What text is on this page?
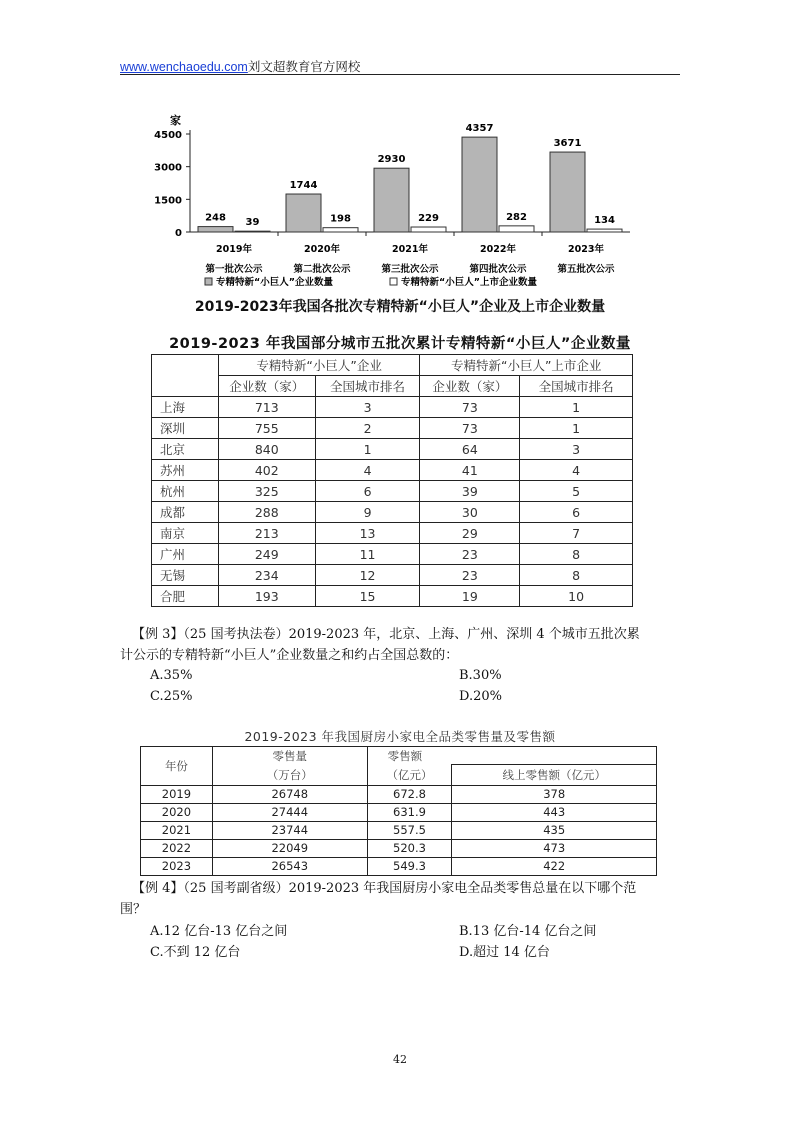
www.wenchaoedu.com刘文超教育官方网校
家
0
1500
3000
4500
248 39
2019年
第一批次公示
1744
198
2020年
第二批次公示
2930
229
2021年
第三批次公示
4357
282
2022年
第四批次公示
3671
134
2023年
第五批次公示
专精特新“小巨人”企业数量	专精特新“小巨人”上市企业数量
2019-2023年我国各批次专精特新“小巨人”企业及上市企业数量
2019-2023 年我国部分城市五批次累计专精特新“小巨人”企业数量
	专精特新“小巨人”企业		专精特新“小巨人”上市企业	
	企业数（家）	全国城市排名	企业数（家）	全国城市排名
上海	713	3	73	1
深圳	755	2	73	1
北京	840	1	64	3
苏州	402	4	41	4
杭州	325	6	39	5
成都	288	9	30	6
南京	213	13	29	7
广州	249	11	23	8
无锡	234	12	23	8
合肥	193	15	19	10
【例 3】（25 国考执法卷）2019-2023 年，北京、上海、广州、深圳 4 个城市五批次累
计公示的专精特新“小巨人”企业数量之和约占全国总数的：
A.35%	B.30%
C.25%	D.20%
2019-2023 年我国厨房小家电全品类零售量及零售额
年份	零售量	零售额	
	（万台）	（亿元）	线上零售额（亿元）
2019	26748	672.8	378
2020	27444	631.9	443
2021	23744	557.5	435
2022	22049	520.3	473
2023	26543	549.3	422
【例 4】（25 国考副省级）2019-2023 年我国厨房小家电全品类零售总量在以下哪个范
围？
A.12 亿台-13 亿台之间	B.13 亿台-14 亿台之间
C.不到 12 亿台	D.超过 14 亿台
42
